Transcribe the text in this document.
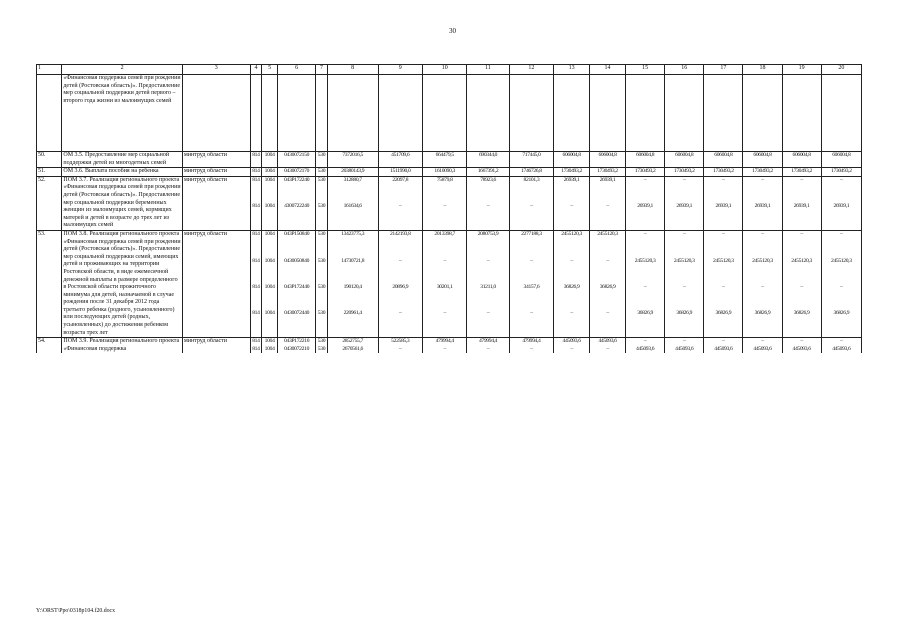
30
1	2	3	4	5	6	7	8	9	10	11	12	13	14	15	16	17	18	19	20
	«Финансовая поддержка семей при рождении детей (Ростовская область)». Предоставление мер социальной поддержки детей первого – второго года жизни из малоимущих семей																		
50.	ОМ 3.5. Предоставление мер социальной поддержки детей из многодетных семей	минтруд области	814	1004	0430072150	530	7372016,5	451709,6	664479,5	690344,0	717445,0	606004,8	606004,8	606004,8	606004,8	606004,8	606004,8	606004,8	606004,8
51.	ОМ 3.6. Выплата пособия на ребенка	минтруд области	814	1004	0430072170	530	20380143,9	1511990,0	1610090,3	1667391,2	1746726,8	1730493,2	1730493,2	1730493,2	1730493,2	1730493,2	1730493,2	1730493,2	1730493,2
52.	ПОМ 3.7. Реализация регионального проекта «Финансовая поддержка семей при рождении детей (Ростовская область)». Предоставление мер социальной поддержки беременных женщин из малоимущих семей, кормящих матерей и детей в возрасте до трех лет из малоимущих семей	минтруд области	814	1004	043P172240	530	312880,7	22097,8	75879,8	78923,6	82101,3	26939,1	26939,1	–	–	–	–	–	–
			814	1004	4300722240	530	161634,6	–	–	–	–	–	–	26939,1	26939,1	26939,1	26939,1	26939,1	26939,1
53.	ПОМ 3.8. Реализация регионального проекта «Финансовая поддержка семей при рождении детей (Ростовская область)». Предоставление мер социальной поддержки семей, имеющих детей и проживающих на территории Ростовской области, в виде ежемесячной денежной выплаты в размере определенного в Ростовской области прожиточного минимума для детей, назначаемой в случае рождения после 31 декабря 2012 года третьего ребенка (родного, усыновленного) или последующих детей (родных, усыновленных) до достижения ребенком возраста трех лет	минтруд области	814	1004	043P150840	530	13423775,3	2142193,8	2013398,7	2080753,9	2277188,3	2455120,3	2455120,3	–	–	–	–	–	–
			814	1004	0430050840	530	14730721,8	–	–	–	–	–	–	2455120,3	2455120,3	2455120,3	2455120,3	2455120,3	2455120,3
			814	1004	043P172440	530	190120,4	20896,9	30201,1	31211,0	34157,6	36826,9	36826,9	–	–	–	–	–	–
			814	1004	0430072440	530	220961,4	–	–	–	–	–	–	36826,9	36826,9	36826,9	36826,9	36826,9	36826,9
54.	ПОМ 3.9. Реализация регионального проекта «Финансовая поддержка	минтруд области	814	1004	043P172210	530	2852755,7	522585,3	479994,4	479994,4	479994,4	445093,6	445093,6	–	–	–	–	–	–
			814	1004	0430072210	530	2670561,6	–	–	–	–	–	–	445093,6	445093,6	445093,6	445093,6	445093,6	445093,6
Y:\ORST\Ppo\0318p104.f20.docx
